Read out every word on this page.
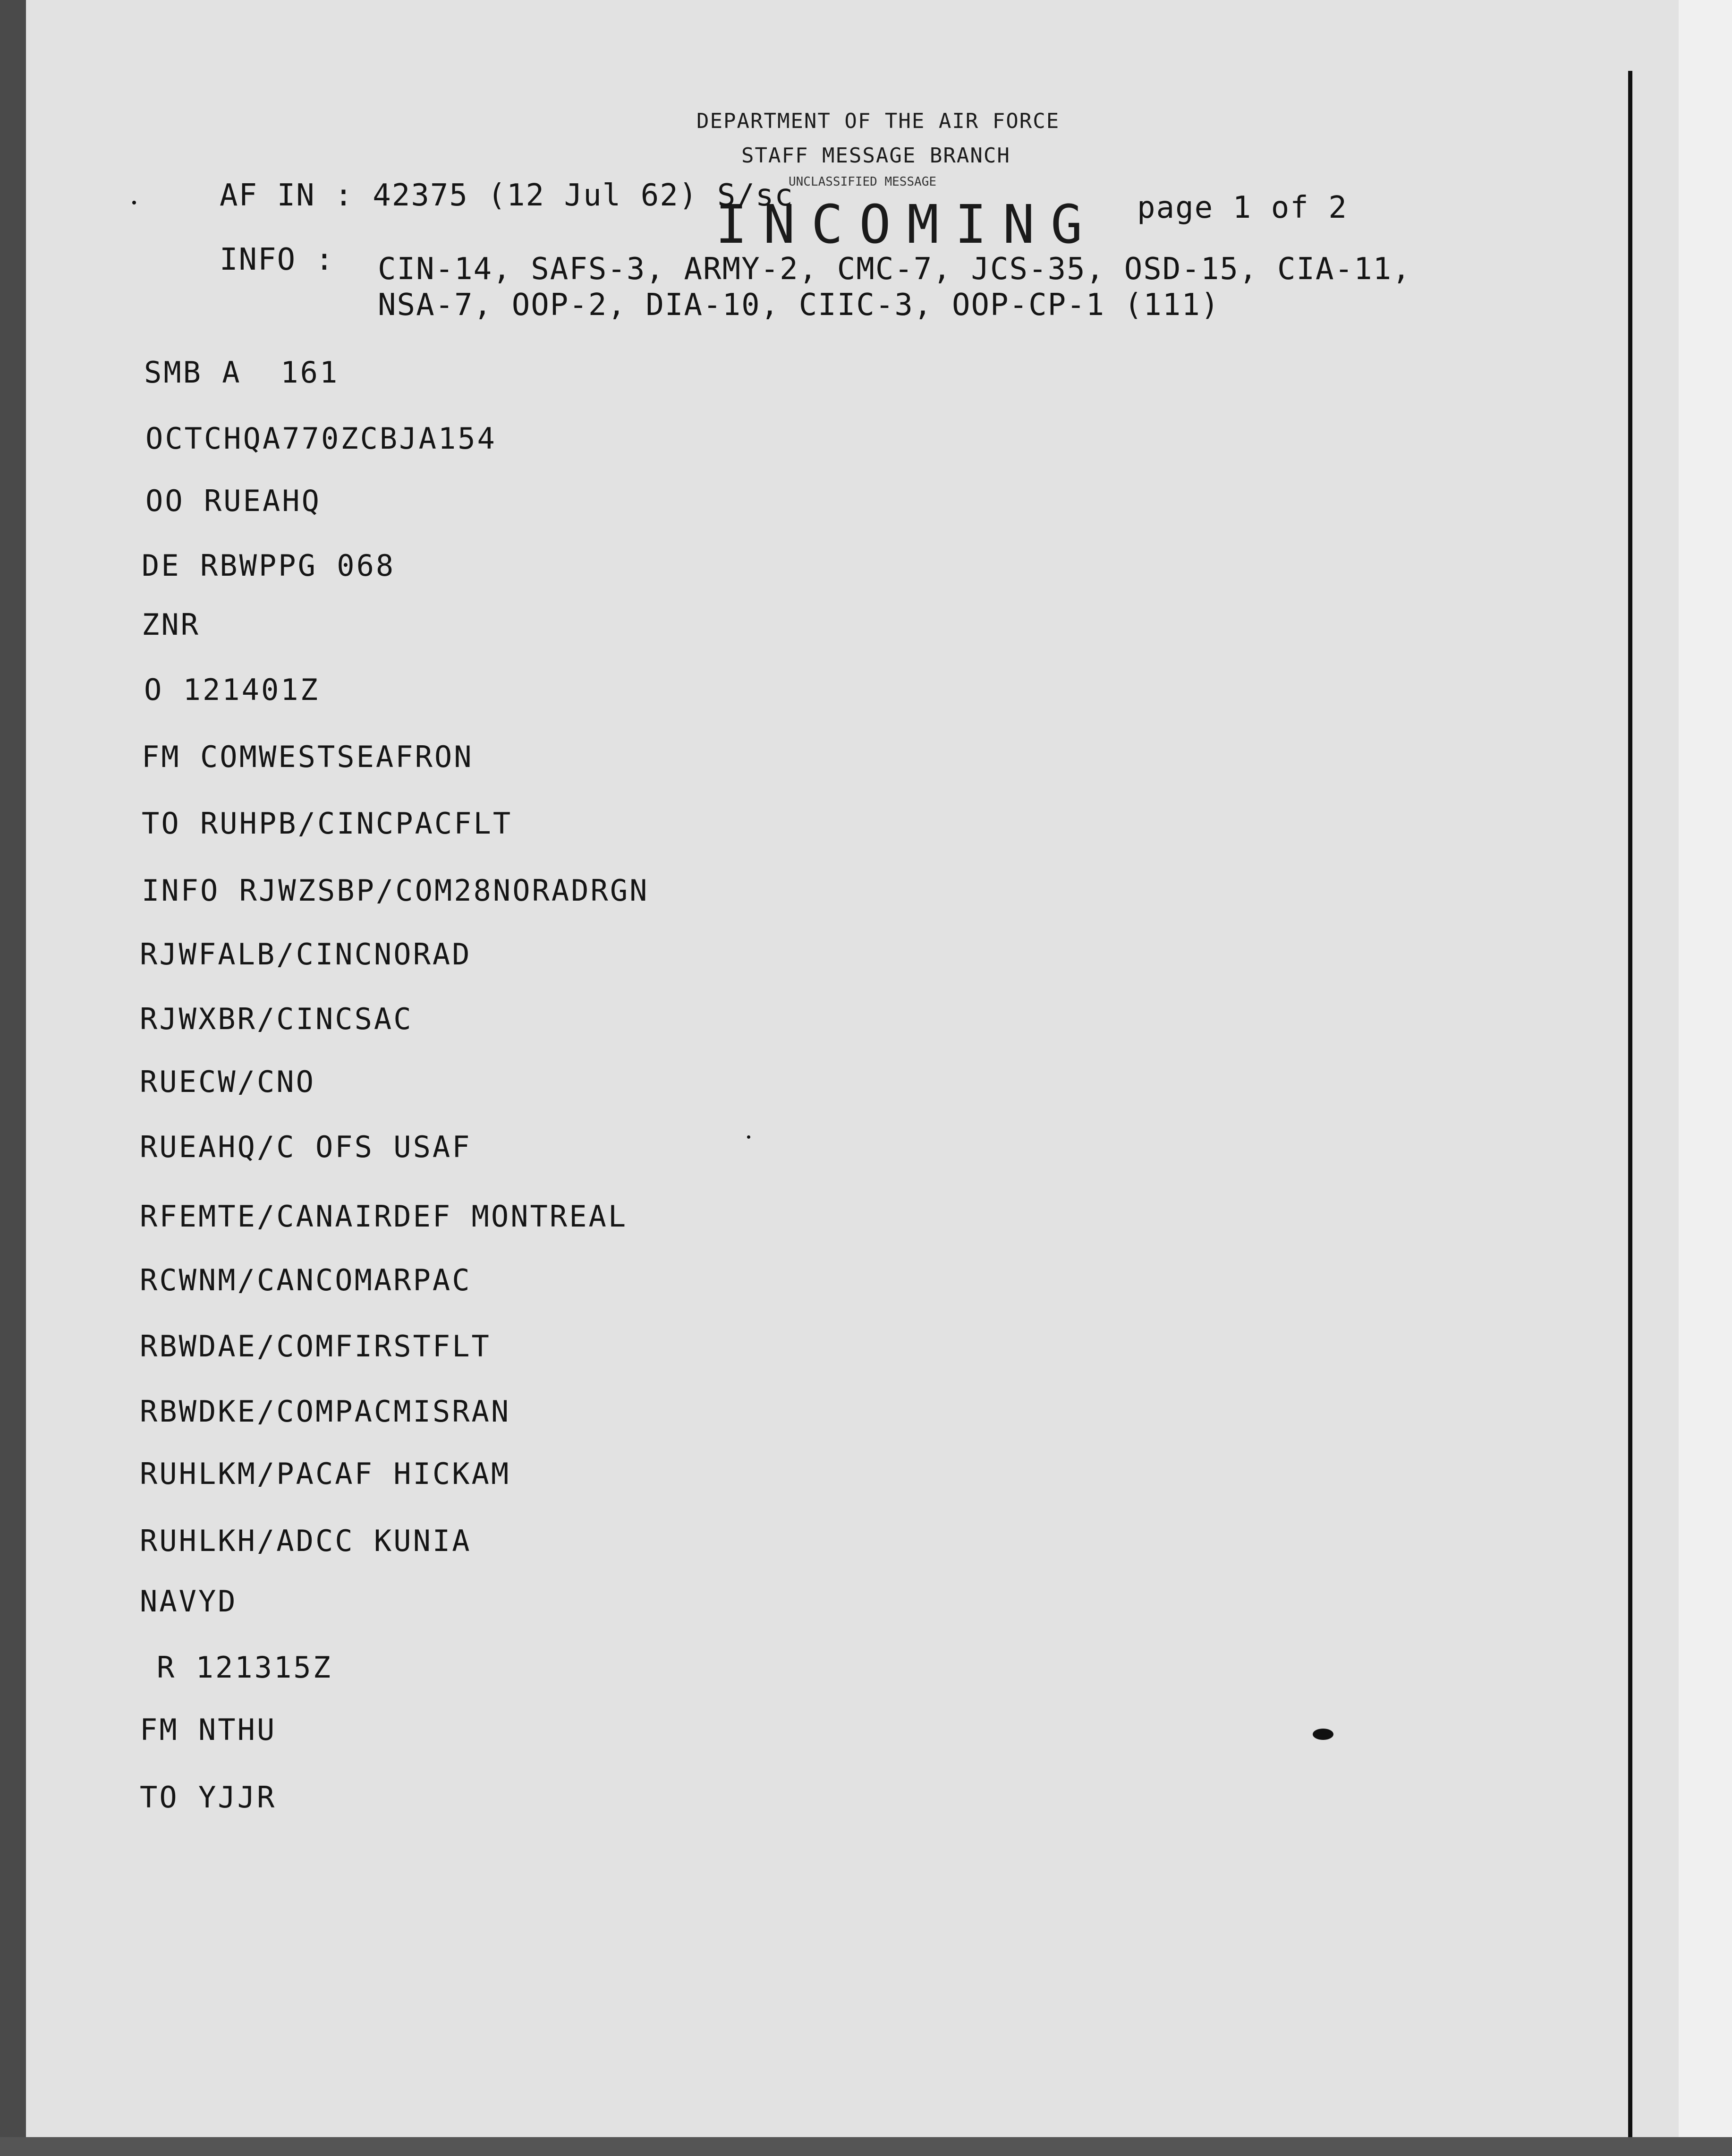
DEPARTMENT OF THE AIR FORCE

STAFF MESSAGE BRANCH

UNCLASSIFIED MESSAGE

INCOMING

AF IN : 42375 (12 Jul 62) S/sc	page 1 of 2

INFO : CIN-14, SAFS-3, ARMY-2, CMC-7, JCS-35, OSD-15, CIA-11,

NSA-7, OOP-2, DIA-10, CIIC-3, OOP-CP-1 (111)

SMB A  161

OCTCHQA770ZCBJA154

OO RUEAHQ

DE RBWPPG 068

ZNR

O 121401Z

FM COMWESTSEAFRON

TO RUHPB/CINCPACFLT

INFO RJWZSBP/COM28NORADRGN

RJWFALB/CINCNORAD

RJWXBR/CINCSAC

RUECW/CNO

RUEAHQ/C OFS USAF

RFEMTE/CANAIRDEF MONTREAL

RCWNM/CANCOMARPAC

RBWDAE/COMFIRSTFLT

RBWDKE/COMPACMISRAN

RUHLKM/PACAF HICKAM

RUHLKH/ADCC KUNIA

NAVYD

R 121315Z

FM NTHU

TO YJJR
